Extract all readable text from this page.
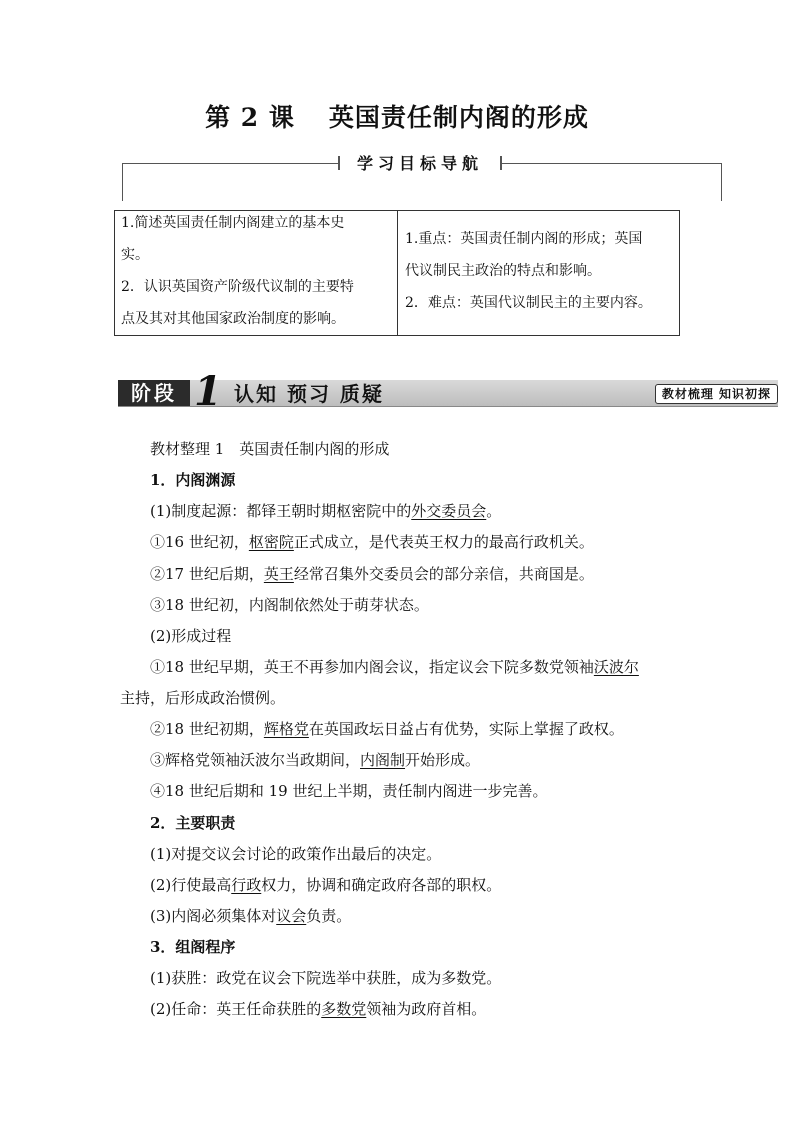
第 2 课 英国责任制内阁的形成
学习目标导航
1.简述英国责任制内阁建立的基本史
实。
2．认识英国资产阶级代议制的主要特
点及其对其他国家政治制度的影响。
1.重点：英国责任制内阁的形成；英国
代议制民主政治的特点和影响。
2．难点：英国代议制民主的主要内容。
阶段 1 认知 预习 质疑	教材梳理 知识初探
教材整理 1　英国责任制内阁的形成
1．内阁渊源
(1)制度起源：都铎王朝时期枢密院中的外交委员会。
①16 世纪初，枢密院正式成立，是代表英王权力的最高行政机关。
②17 世纪后期，英王经常召集外交委员会的部分亲信，共商国是。
③18 世纪初，内阁制依然处于萌芽状态。
(2)形成过程
①18 世纪早期，英王不再参加内阁会议，指定议会下院多数党领袖沃波尔
主持，后形成政治惯例。
②18 世纪初期，辉格党在英国政坛日益占有优势，实际上掌握了政权。
③辉格党领袖沃波尔当政期间，内阁制开始形成。
④18 世纪后期和 19 世纪上半期，责任制内阁进一步完善。
2．主要职责
(1)对提交议会讨论的政策作出最后的决定。
(2)行使最高行政权力，协调和确定政府各部的职权。
(3)内阁必须集体对议会负责。
3．组阁程序
(1)获胜：政党在议会下院选举中获胜，成为多数党。
(2)任命：英王任命获胜的多数党领袖为政府首相。
